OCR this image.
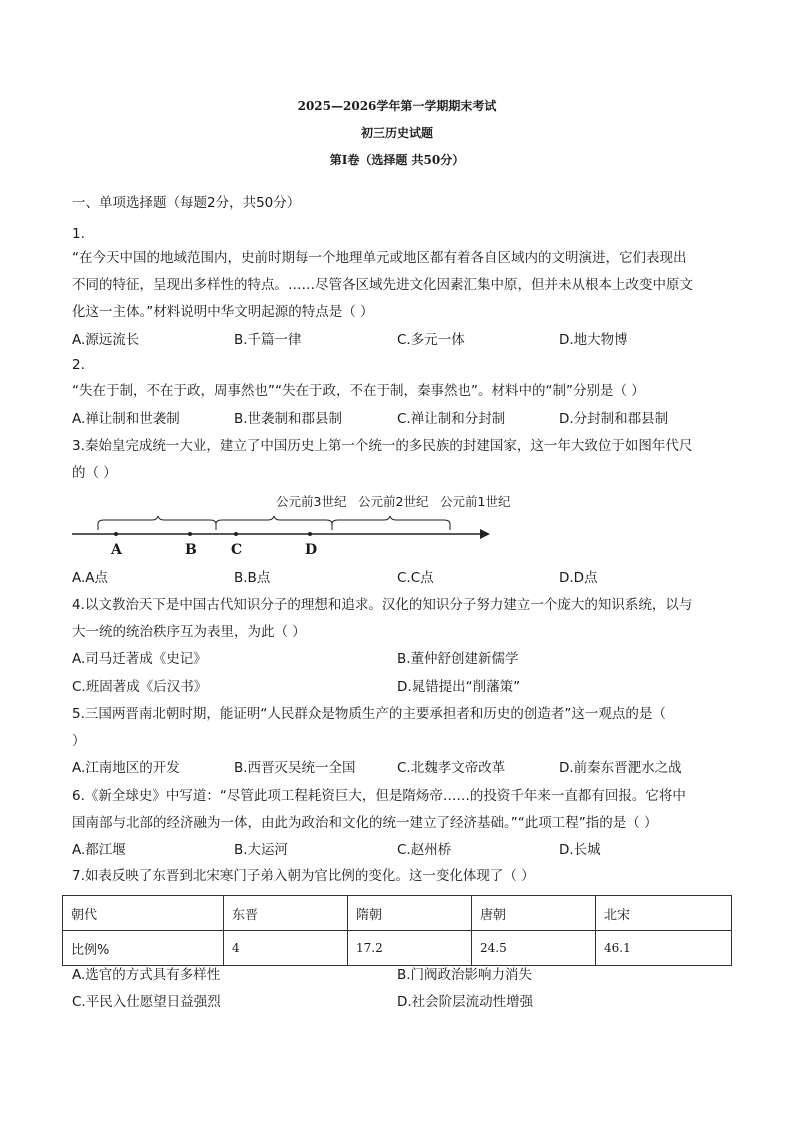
2025—2026学年第一学期期末考试
初三历史试题
第Ⅰ卷（选择题 共50分）
一、单项选择题（每题2分，共50分）
1.
“在今天中国的地域范围内，史前时期每一个地理单元或地区都有着各自区域内的文明演进，它们表现出
不同的特征，呈现出多样性的特点。……尽管各区域先进文化因素汇集中原，但并未从根本上改变中原文
化这一主体。”材料说明中华文明起源的特点是（ ）
A.源远流长	B.千篇一律	C.多元一体	D.地大物博
2.
“失在于制，不在于政，周事然也”“失在于政，不在于制，秦事然也”。材料中的“制”分别是（ ）
A.禅让制和世袭制	B.世袭制和郡县制	C.禅让制和分封制	D.分封制和郡县制
3.秦始皇完成统一大业，建立了中国历史上第一个统一的多民族的封建国家，这一年大致位于如图年代尺
的（ ）
公元前3世纪 公元前2世纪 公元前1世纪
A	B C	D
A.A点	B.B点	C.C点	D.D点
4.以文教治天下是中国古代知识分子的理想和追求。汉化的知识分子努力建立一个庞大的知识系统，以与
大一统的统治秩序互为表里，为此（ ）
A.司马迁著成《史记》	B.董仲舒创建新儒学
C.班固著成《后汉书》	D.晁错提出“削藩策”
5.三国两晋南北朝时期，能证明“人民群众是物质生产的主要承担者和历史的创造者”这一观点的是（
）
A.江南地区的开发	B.西晋灭吴统一全国	C.北魏孝文帝改革	D.前秦东晋淝水之战
6.《新全球史》中写道：“尽管此项工程耗资巨大，但是隋炀帝……的投资千年来一直都有回报。它将中
国南部与北部的经济融为一体，由此为政治和文化的统一建立了经济基础。”“此项工程”指的是（ ）
A.都江堰	B.大运河	C.赵州桥	D.长城
7.如表反映了东晋到北宋寒门子弟入朝为官比例的变化。这一变化体现了（ ）
朝代	东晋	隋朝	唐朝	北宋
比例%	4	17.2	24.5	46.1
A.选官的方式具有多样性	B.门阀政治影响力消失
C.平民入仕愿望日益强烈	D.社会阶层流动性增强
